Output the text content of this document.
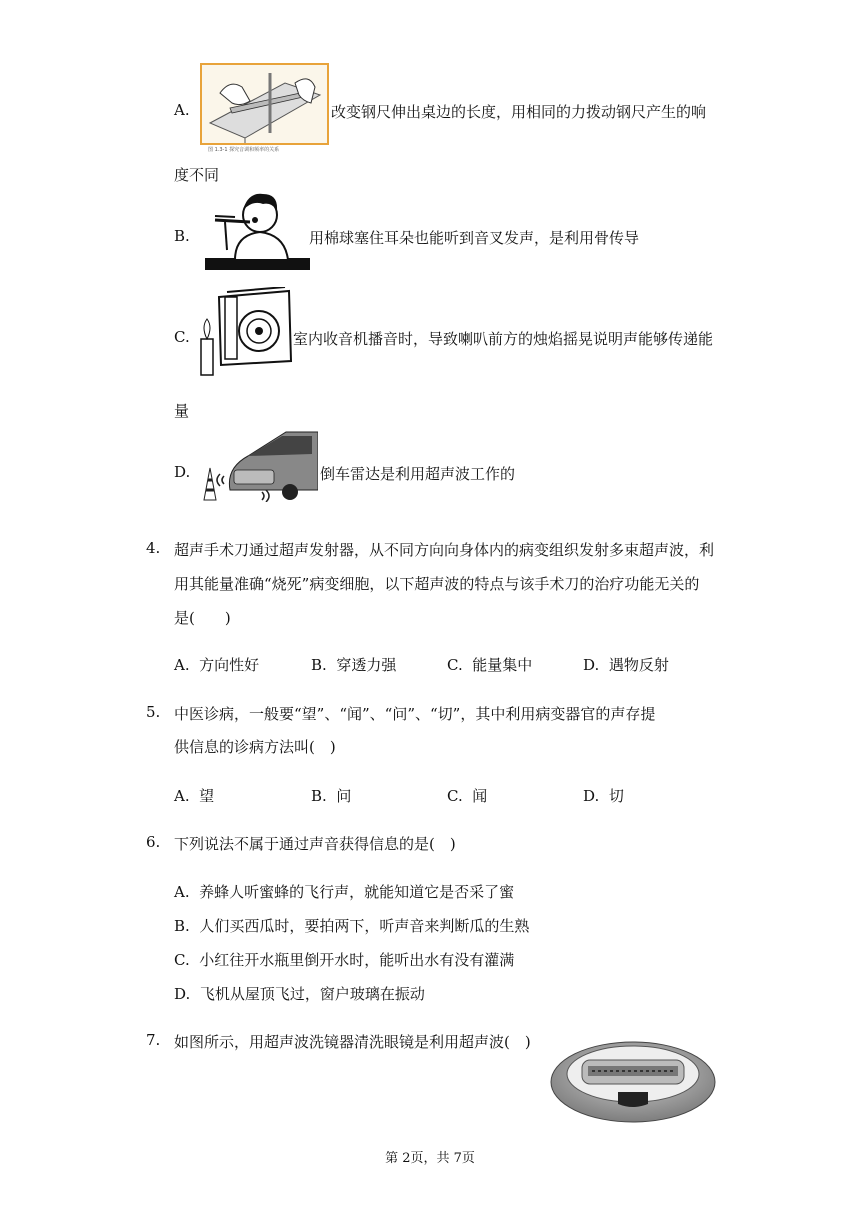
A.
图 1.3-1 探究音调和频率的关系
改变钢尺伸出桌边的长度，用相同的力拨动钢尺产生的响
度不同
B.	用棉球塞住耳朵也能听到音叉发声，是利用骨传导
C.	室内收音机播音时，导致喇叭前方的烛焰摇晃说明声能够传递能
量
D.	倒车雷达是利用超声波工作的
4. 超声手术刀通过超声发射器，从不同方向向身体内的病变组织发射多束超声波，利
用其能量准确“烧死”病变细胞，以下超声波的特点与该手术刀的治疗功能无关的
是(　　)
A. 方向性好	B. 穿透力强	C. 能量集中	D. 遇物反射
5. 中医诊病，一般要“望”、“闻”、“问”、“切”，其中利用病变器官的声存提
供信息的诊病方法叫(　)
A. 望	B. 问	C. 闻	D. 切
6. 下列说法不属于通过声音获得信息的是(　)
A. 养蜂人听蜜蜂的飞行声，就能知道它是否采了蜜
B. 人们买西瓜时，要拍两下，听声音来判断瓜的生熟
C. 小红往开水瓶里倒开水时，能听出水有没有灌满
D. 飞机从屋顶飞过，窗户玻璃在振动
7. 如图所示，用超声波洗镜器清洗眼镜是利用超声波(　)
第 2页，共 7页
